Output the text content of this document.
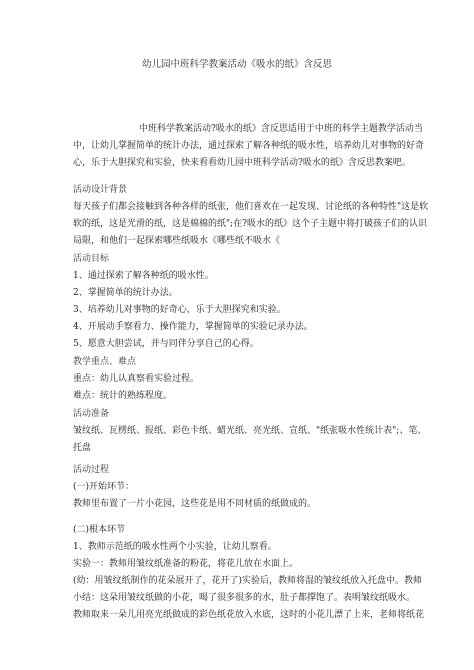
幼儿园中班科学教案活动《吸水的纸》含反思
中班科学教案活动?吸水的纸》含反思适用于中班的科学主题教学活动当
中，让幼儿掌握简单的统计办法，通过探索了解各种纸的吸水性，培养幼儿对事物的好奇
心，乐于大胆探究和实验，快来看看幼儿园中班科学活动?吸水的纸》含反思教案吧。

活动设计背景

每天孩子们都会接触到各种各样的纸张，他们喜欢在一起发现、讨论纸的各种特性"这是软

软的纸，这是光滑的纸，这是棉棉的纸";在?吸水的纸》这个子主题中将打破孩子们的认识

局限，和他们一起探索哪些纸吸水《哪些纸不吸水《

活动目标

1、通过探索了解各种纸的吸水性。

2、掌握简单的统计办法。

3、培养幼儿对事物的好奇心，乐于大胆探究和实验。

4、开展动手察看力、操作能力，掌握简单的实验记录办法。

5、愿意大胆尝试，并与同伴分享自己的心得。

教学重点、难点

重点：幼儿认真察看实验过程。

难点：统计的熟练程度。

活动准备

皱纹纸、瓦楞纸、报纸、彩色卡纸、蜡光纸、亮光纸、宣纸、"纸张吸水性统计表";、笔、

托盘

活动过程

(一)开始环节：

教师里布置了一片小花园，这些花是用不同材质的纸做成的。

(二)根本环节

1、教师示范纸的吸水性两个小实验，让幼儿察看。

实验一：教师用皱纹纸准备的粉花，将花儿放在水面上。

(幼：用皱纹纸制作的花朵展开了，花开了)实验后，教师将湿的皱纹纸放入托盘中。教师

小结：这朵用皱纹纸做的小花，喝了很多很多的水，肚子都撑饱了。表明皱纹纸吸水。

教师取来一朵儿用亮光纸做成的彩色纸花放入水底，这时的小花儿漂了上来，老师将纸花
